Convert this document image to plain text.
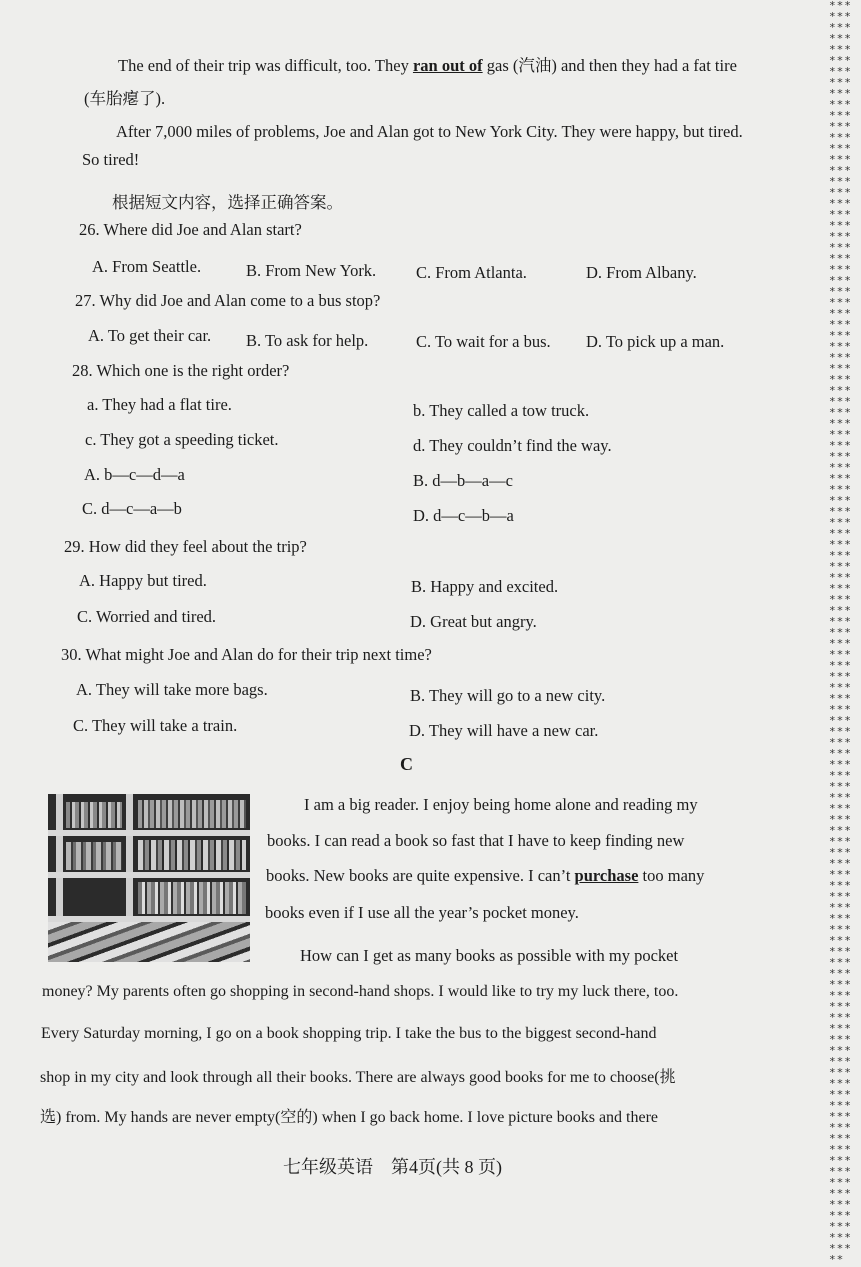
********************************************************************************************************************************************************************************************************************************************************************************************************************************************************
The end of their trip was difficult, too. They ran out of gas (汽油) and then they had a fat tire
(车胎瘪了).
After 7,000 miles of problems, Joe and Alan got to New York City. They were happy, but tired.
So tired!
根据短文内容，选择正确答案。
26. Where did Joe and Alan start?
A. From Seattle.	B. From New York. C. From Atlanta.	D. From Albany.
27. Why did Joe and Alan come to a bus stop?
A. To get their car. B. To ask for help.	C. To wait for a bus. D. To pick up a man.
28. Which one is the right order?
a. They had a flat tire.	b. They called a tow truck.
c. They got a speeding ticket.	d. They couldn’t find the way.
A. b—c—d—a	B. d—b—a—c
C. d—c—a—b	D. d—c—b—a
29. How did they feel about the trip?
A. Happy but tired.	B. Happy and excited.
C. Worried and tired.	D. Great but angry.
30. What might Joe and Alan do for their trip next time?
A. They will take more bags.	B. They will go to a new city.
C. They will take a train.	D. They will have a new car.
C
I am a big reader. I enjoy being home alone and reading my
books. I can read a book so fast that I have to keep finding new
books. New books are quite expensive. I can’t purchase too many
books even if I use all the year’s pocket money.
How can I get as many books as possible with my pocket
money? My parents often go shopping in second-hand shops. I would like to try my luck there, too.
Every Saturday morning, I go on a book shopping trip. I take the bus to the biggest second-hand
shop in my city and look through all their books. There are always good books for me to choose(挑
选) from. My hands are never empty(空的) when I go back home. I love picture books and there
七年级英语　第4页(共 8 页)
